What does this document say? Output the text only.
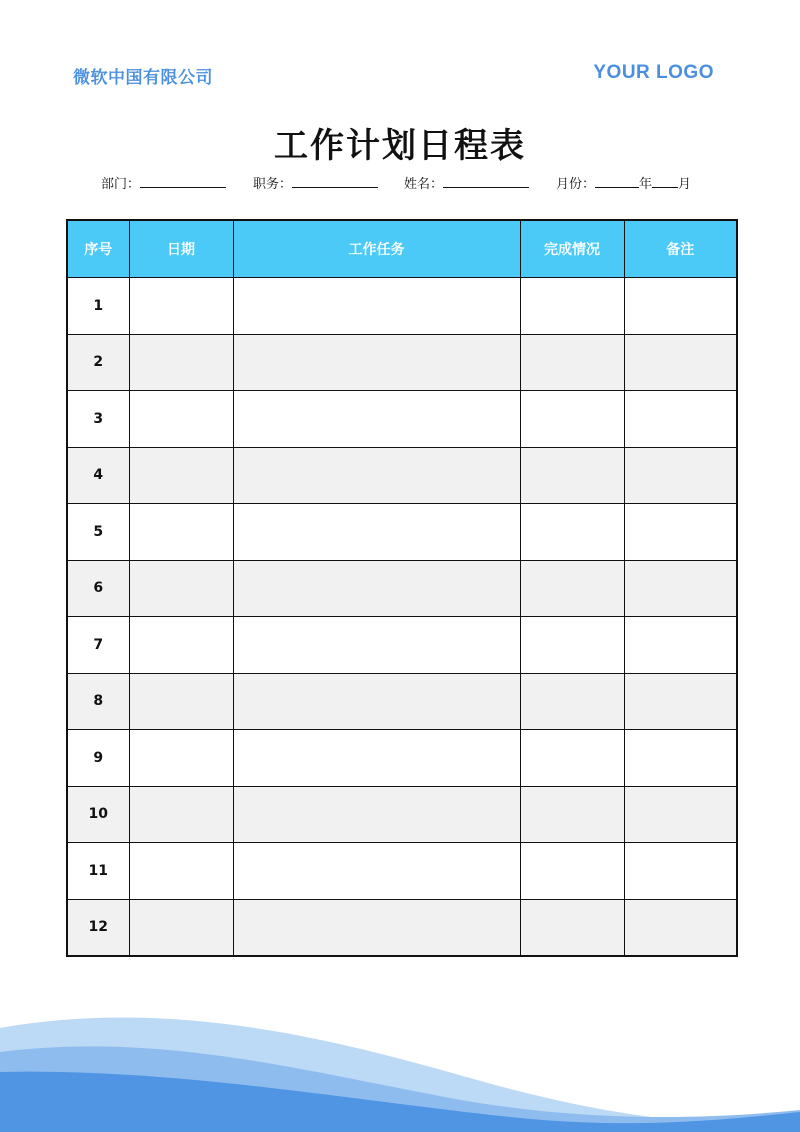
微软中国有限公司	YOUR LOGO
工作计划日程表
部门：	职务：	姓名：	月份：	年 月
序号	日期	工作任务	完成情况	备注
1				
2				
3				
4				
5				
6				
7				
8				
9				
10				
11				
12				
